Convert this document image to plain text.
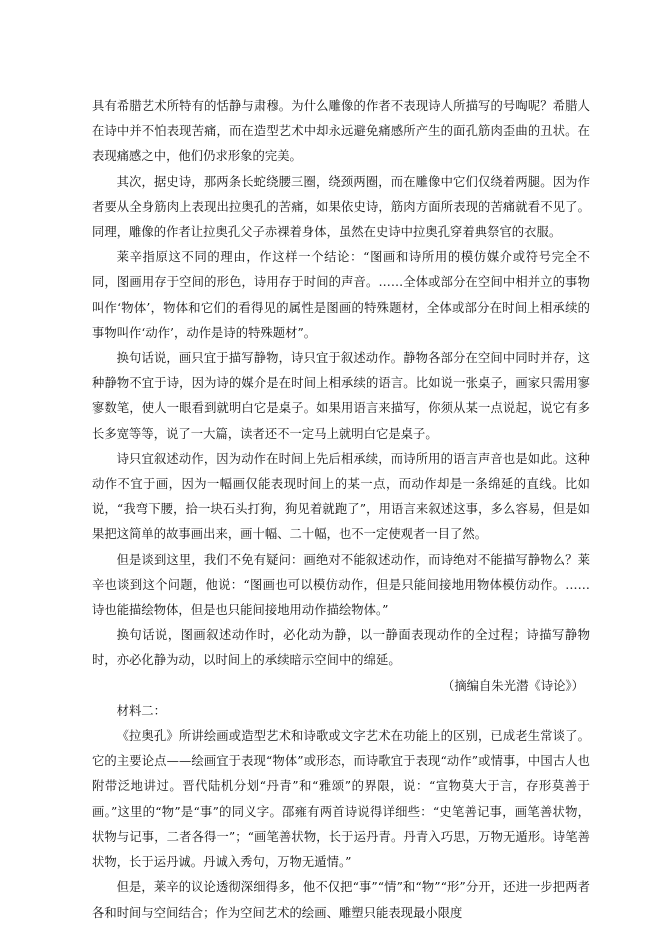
具有希腊艺术所特有的恬静与肃穆。为什么雕像的作者不表现诗人所描写的号啕呢？希腊人在诗中并不怕表现苦痛，而在造型艺术中却永远避免痛感所产生的面孔筋肉歪曲的丑状。在表现痛感之中，他们仍求形象的完美。

其次，据史诗，那两条长蛇绕腰三圈，绕颈两圈，而在雕像中它们仅绕着两腿。因为作者要从全身筋肉上表现出拉奥孔的苦痛，如果依史诗，筋肉方面所表现的苦痛就看不见了。同理，雕像的作者让拉奥孔父子赤裸着身体，虽然在史诗中拉奥孔穿着典祭官的衣服。

莱辛指原这不同的理由，作这样一个结论：“图画和诗所用的模仿媒介或符号完全不同，图画用存于空间的形色，诗用存于时间的声音。……全体或部分在空间中相并立的事物叫作‘物体’，物体和它们的看得见的属性是图画的特殊题材，全体或部分在时间上相承续的事物叫作‘动作’，动作是诗的特殊题材”。

换句话说，画只宜于描写静物，诗只宜于叙述动作。静物各部分在空间中同时并存，这种静物不宜于诗，因为诗的媒介是在时间上相承续的语言。比如说一张桌子，画家只需用寥寥数笔，使人一眼看到就明白它是桌子。如果用语言来描写，你须从某一点说起，说它有多长多宽等等，说了一大篇，读者还不一定马上就明白它是桌子。

诗只宜叙述动作，因为动作在时间上先后相承续，而诗所用的语言声音也是如此。这种动作不宜于画，因为一幅画仅能表现时间上的某一点，而动作却是一条绵延的直线。比如说，“我弯下腰，拾一块石头打狗，狗见着就跑了”，用语言来叙述这事，多么容易，但是如果把这简单的故事画出来，画十幅、二十幅，也不一定使观者一目了然。

但是谈到这里，我们不免有疑问：画绝对不能叙述动作，而诗绝对不能描写静物么？莱辛也谈到这个问题，他说：“图画也可以模仿动作，但是只能间接地用物体模仿动作。……诗也能描绘物体，但是也只能间接地用动作描绘物体。”

换句话说，图画叙述动作时，必化动为静，以一静面表现动作的全过程；诗描写静物时，亦必化静为动，以时间上的承续暗示空间中的绵延。

（摘编自朱光潜《诗论》）

材料二：

《拉奥孔》所讲绘画或造型艺术和诗歌或文字艺术在功能上的区别，已成老生常谈了。它的主要论点——绘画宜于表现“物体”或形态，而诗歌宜于表现“动作”或情事，中国古人也附带泛地讲过。晋代陆机分划“丹青”和“雅颂”的界限，说：“宣物莫大于言，存形莫善于画。”这里的“物”是“事”的同义字。邵雍有两首诗说得详细些：“史笔善记事，画笔善状物，状物与记事，二者各得一”；“画笔善状物，长于运丹青。丹青入巧思，万物无遁形。诗笔善状物，长于运丹诚。丹诚入秀句，万物无遁情。”

但是，莱辛的议论透彻深细得多，他不仅把“事”“情”和“物”“形”分开，还进一步把两者各和时间与空间结合；作为空间艺术的绘画、雕塑只能表现最小限度
